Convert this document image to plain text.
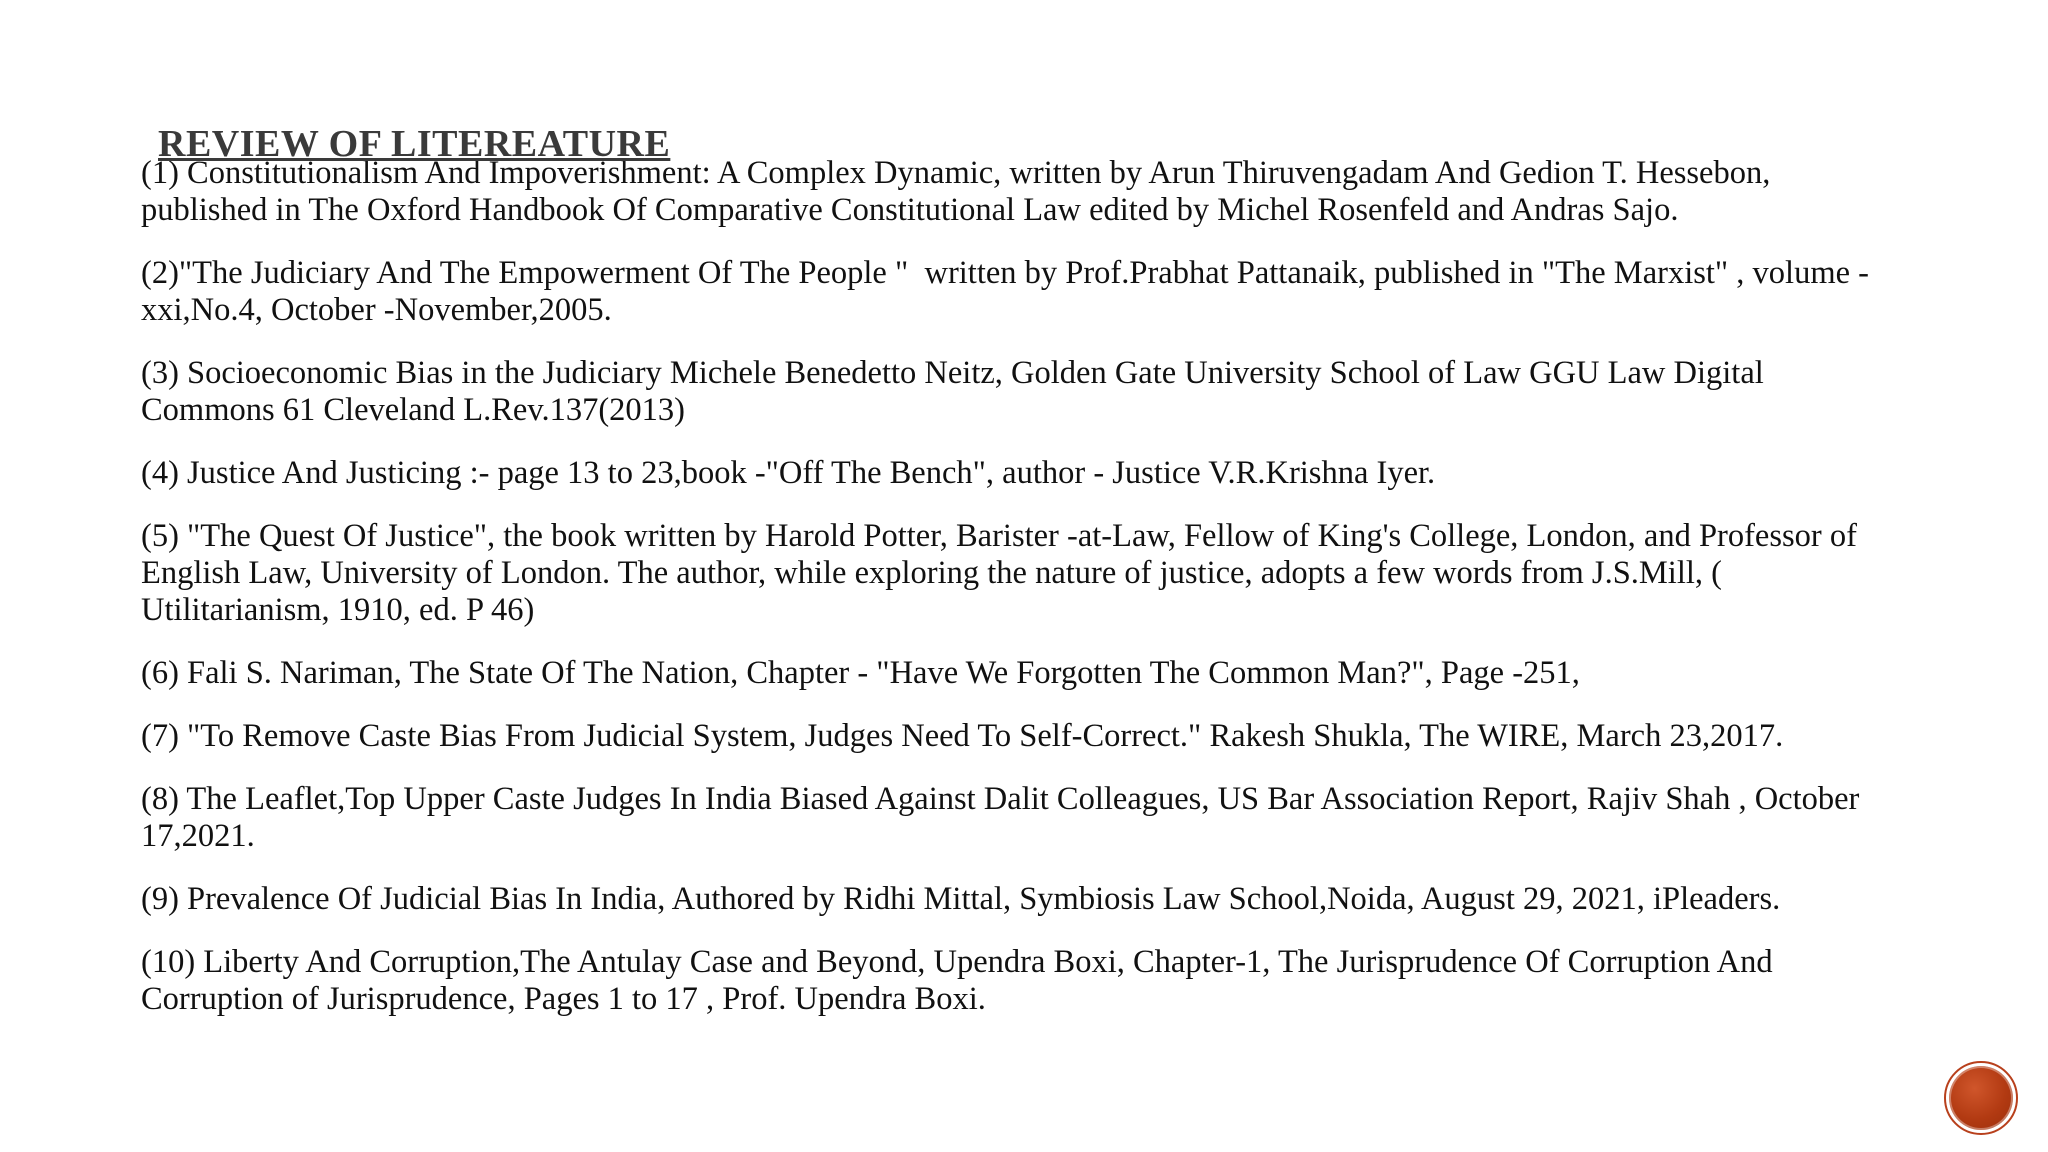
REVIEW OF LITEREATURE

(1) Constitutionalism And Impoverishment: A Complex Dynamic, written by Arun Thiruvengadam And Gedion T. Hessebon, published in The Oxford Handbook Of Comparative Constitutional Law edited by Michel Rosenfeld and Andras Sajo.

(2)"The Judiciary And The Empowerment Of The People "  written by Prof.Prabhat Pattanaik, published in "The Marxist" , volume -xxi,No.4, October -November,2005.

(3) Socioeconomic Bias in the Judiciary Michele Benedetto Neitz, Golden Gate University School of Law GGU Law Digital Commons 61 Cleveland L.Rev.137(2013)

(4) Justice And Justicing :- page 13 to 23,book -"Off The Bench", author - Justice V.R.Krishna Iyer.

(5) "The Quest Of Justice", the book written by Harold Potter, Barister -at-Law, Fellow of King's College, London, and Professor of English Law, University of London. The author, while exploring the nature of justice, adopts a few words from J.S.Mill, ( Utilitarianism, 1910, ed. P 46)

(6) Fali S. Nariman, The State Of The Nation, Chapter - "Have We Forgotten The Common Man?", Page -251,

(7) "To Remove Caste Bias From Judicial System, Judges Need To Self-Correct." Rakesh Shukla, The WIRE, March 23,2017.

(8) The Leaflet,Top Upper Caste Judges In India Biased Against Dalit Colleagues, US Bar Association Report, Rajiv Shah , October 17,2021.

(9) Prevalence Of Judicial Bias In India, Authored by Ridhi Mittal, Symbiosis Law School,Noida, August 29, 2021, iPleaders.

(10) Liberty And Corruption,The Antulay Case and Beyond, Upendra Boxi, Chapter-1, The Jurisprudence Of Corruption And Corruption of Jurisprudence, Pages 1 to 17 , Prof. Upendra Boxi.
